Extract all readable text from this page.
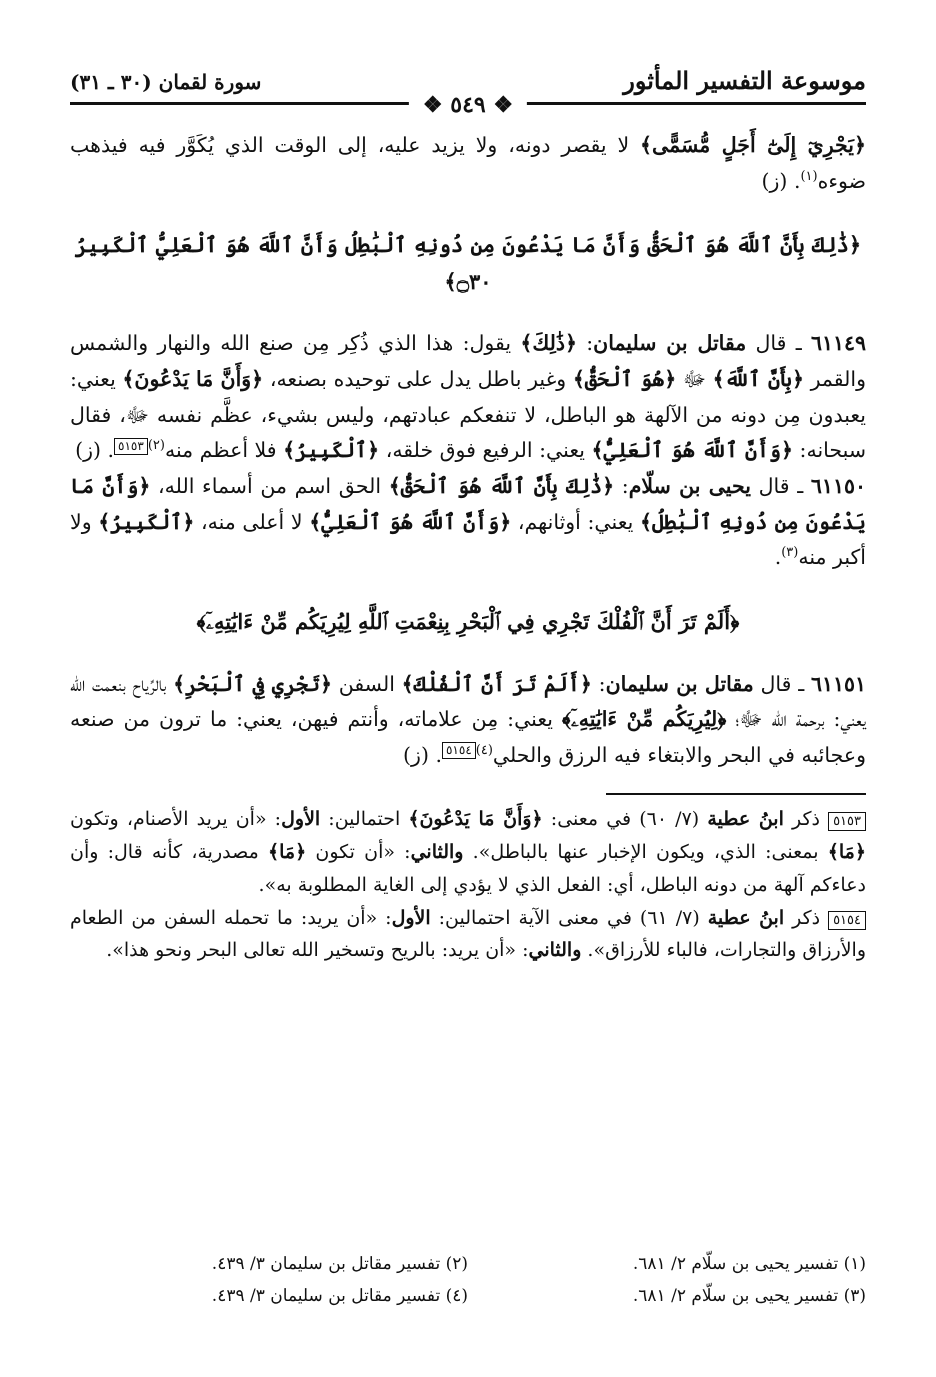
موسوعة التفسير المأثور
سورة لقمان (٣٠ ـ ٣١)
❖ ٥٤٩ ❖

﴿يَجْرِيٓ إِلَىٰٓ أَجَلٍ مُّسَمًّى﴾ لا يقصر دونه، ولا يزيد عليه، إلى الوقت الذي يُكَوَّر فيه فيذهب ضوءه$^{(١)}$. (ز)

﴿ذَٰلِكَ بِأَنَّ ٱللَّهَ هُوَ ٱلْحَقُّ وَأَنَّ مَا يَدْعُونَ مِن دُونِهِ ٱلْبَٰطِلُ وَأَنَّ ٱللَّهَ هُوَ ٱلْعَلِيُّ ٱلْكَبِيرُ ۝٣٠﴾

٦١١٤٩ ـ قال مقاتل بن سليمان: ﴿ذَٰلِكَ﴾ يقول: هذا الذي ذُكِر مِن صنع الله والنهار والشمس والقمر ﴿بِأَنَّ ٱللَّهَ﴾ ﷻ ﴿هُوَ ٱلْحَقُّ﴾ وغير باطل يدل على توحيده بصنعه، ﴿وَأَنَّ مَا يَدْعُونَ﴾ يعني: يعبدون مِن دونه من الآلهة هو الباطل، لا تنفعكم عبادتهم، وليس بشيء، عظَّم نفسه ﷻ، فقال سبحانه: ﴿وَأَنَّ ٱللَّهَ هُوَ ٱلْعَلِيُّ﴾ يعني: الرفيع فوق خلقه، ﴿ٱلْكَبِيرُ﴾ فلا أعظم منه$^{(٢)}$٥١٥٣. (ز)

٦١١٥٠ ـ قال يحيى بن سلّام: ﴿ذَٰلِكَ بِأَنَّ ٱللَّهَ هُوَ ٱلْحَقُّ﴾ الحق اسم من أسماء الله، ﴿وَأَنَّ مَا يَدْعُونَ مِن دُونِهِ ٱلْبَٰطِلُ﴾ يعني: أوثانهم، ﴿وَأَنَّ ٱللَّهَ هُوَ ٱلْعَلِيُّ﴾ لا أعلى منه، ﴿ٱلْكَبِيرُ﴾ ولا أكبر منه$^{(٣)}$.

﴿أَلَمْ تَرَ أَنَّ ٱلْفُلْكَ تَجْرِي فِي ٱلْبَحْرِ بِنِعْمَتِ ٱللَّهِ لِيُرِيَكُم مِّنْ ءَايَٰتِهِۦٓ﴾

٦١١٥١ ـ قال مقاتل بن سليمان: ﴿أَلَمْ تَرَ أَنَّ ٱلْفُلْكَ﴾ السفن ﴿تَجْرِي فِي ٱلْبَحْرِ﴾ بالرِّياح بنعمت الله يعني: برحمة الله ﷻ؛ ﴿لِيُرِيَكُم مِّنْ ءَايَٰتِهِۦٓ﴾ يعني: مِن علاماته، وأنتم فيهن، يعني: ما ترون من صنعه وعجائبه في البحر والابتغاء فيه الرزق والحلي$^{(٤)}$٥١٥٤. (ز)

٥١٥٣ ذكر ابنُ عطية (٧/ ٦٠) في معنى: ﴿وَأَنَّ مَا يَدْعُونَ﴾ احتمالين: الأول: «أن يريد الأصنام، وتكون ﴿مَا﴾ بمعنى: الذي، ويكون الإخبار عنها بالباطل». والثاني: «أن تكون ﴿مَا﴾ مصدرية، كأنه قال: وأن دعاءكم آلهة من دونه الباطل، أي: الفعل الذي لا يؤدي إلى الغاية المطلوبة به».

٥١٥٤ ذكر ابنُ عطية (٧/ ٦١) في معنى الآية احتمالين: الأول: «أن يريد: ما تحمله السفن من الطعام والأرزاق والتجارات، فالباء للأرزاق». والثاني: «أن يريد: بالريح وتسخير الله تعالى البحر ونحو هذا».

(١) تفسير يحيى بن سلّام ٢/ ٦٨١.
(٢) تفسير مقاتل بن سليمان ٣/ ٤٣٩.
(٣) تفسير يحيى بن سلّام ٢/ ٦٨١.
(٤) تفسير مقاتل بن سليمان ٣/ ٤٣٩.
